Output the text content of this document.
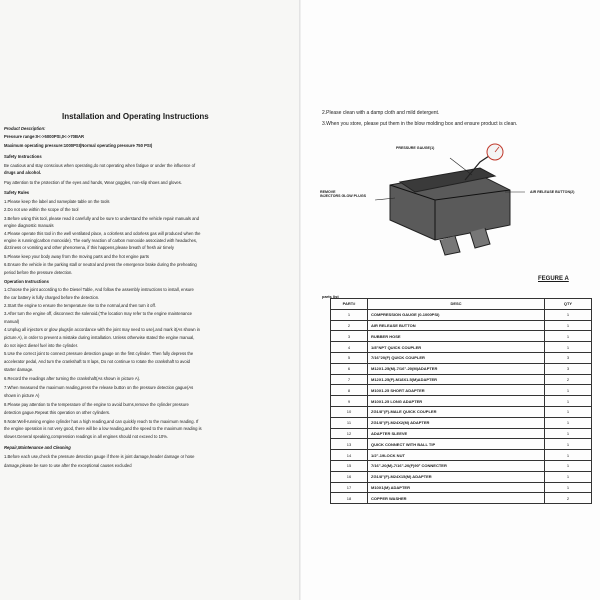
Installation and Operating Instructions
Product Description:
Pressure range:0<->5000PSI,0<->70BAR
Maximum operating pressure:1000PSI(Normal operating pressure 750 PSI)
Safety Instructions
Be cautious and stay conscious when operating,do not operating when fatigue or under the influence of
drugs and alcohol.
Pay attention to the protection of the eyes and hands, Wear goggles, non-slip shoes and gloves.
Safety Rules
1.Please keep the label and nameplate table on the tools
2.Do not use within the scope of the tool
3.Before using this tool, please read it carefully and be sure to understand the vehicle repair manuals and
engine diagnostic manuals
4.Please operate this tool in the well ventilated place, a colorless and odorless gas will produced when the
engine is running(carbon monoxide). The early reaction of carbon monoxide associated with headaches,
dizziness or vomiting and other phenomena, if this happens,please breath of fresh air timely
5.Please keep your body away from the moving parts and the hot engine parts
6.Ensure the vehicle in the parking stall or neutral and press the emergence brake during the preheating
period before the pressure detection.
Operation Instructions
1.Choose the joint according to the Diesel Table, And follow the assembly instructions to install, ensure
the car battery is fully charged before the detection.
2.Start the engine to ensure the temperature rise to the normal,and then turn it off.
3.After turn the engine off, disconnect the solenoid.(The location may refer to the engine maintenance
manual)
4.Unplug all injectors or glow plugs(in accordance with the joint may need to use),and mark it(As shown in
picture A), in order to prevent a mistake during installation. Unless otherwise stated the engine manual,
do not inject diesel fuel into the cylinder.
5.Use the correct joint to connect pressure detection gauge on the first cylinder. Then fully depress the
accelerator pedal, And turn the crankshaft to 8 laps, Do not continue to rotate the crankshaft to avoid
starter damage.
6.Record the readings after turning the crankshaft(As shown in picture A).
7.When measured the maximum reading,press the release button on the pressure detection gague(As
shown in picture A)
8.Please pay attention to the temperature of the engine to avoid burns,remove the cylinder pressure
detection gague.Repeat this operation on other cylinders.
9.Note:Well-running engine cylinder has a high reading,and can quickly reach to the maximum reading. If
the engine operation is not very good, there will be a low reading,and the speed to the maximum reading is
slower.General speaking,compression readings in all engines should not exceed to 10%.
Repair,Maintenance and Cleaning
1.Before each use,check the pressure detection gauge if there is joint damage,header damage or hose
damage,please be sure to use after the exceptional causes excluded
2.Please clean with a damp cloth and mild detergent.
3.When you store, please put them in the blow molding box and ensure product is clean.
PRESSURE GAUGE(1)
REMOVE
INJECTORS GLOW PLUGS
AIR RELEASE BUTTON(2)
FEGURE A
parts list
PART#	DESC	QTY
1	COMPRESSION GAUGE (0-1000PSI)	1
2	AIR RELEASE BUTTON	1
3	RUBBER HOSE	1
4	1/8"NPT QUICK COUPLER	1
5	7/16"20(F) QUICK COUPLER	3
6	M12X1.25(M)-7/16"-20(M)ADAPTER	3
7	M12X1.25(F)-M18X1.5(M)ADAPTER	2
8	M10X1.25 SHORT ADAPTER	1
9	M10X1.25 LONG ADAPTER	1
10	ZG1/8"(F)-MALE QUICK COUPLER	1
11	ZG1/8"(F)-M24X2(M) ADAPTER	1
12	ADAPTER SLEEVE	1
13	QUICK CONNECT WITH BALL TIP	1
14	1/2"-19LOCK NUT	1
15	7/16"-20(M)-7/16"-20(F)90° CONNECTER	1
16	ZG1/8"(F)-M24X15(M) ADAPTER	1
17	M10X1(M) ADAPTER	1
18	COPPER WASHER	2
